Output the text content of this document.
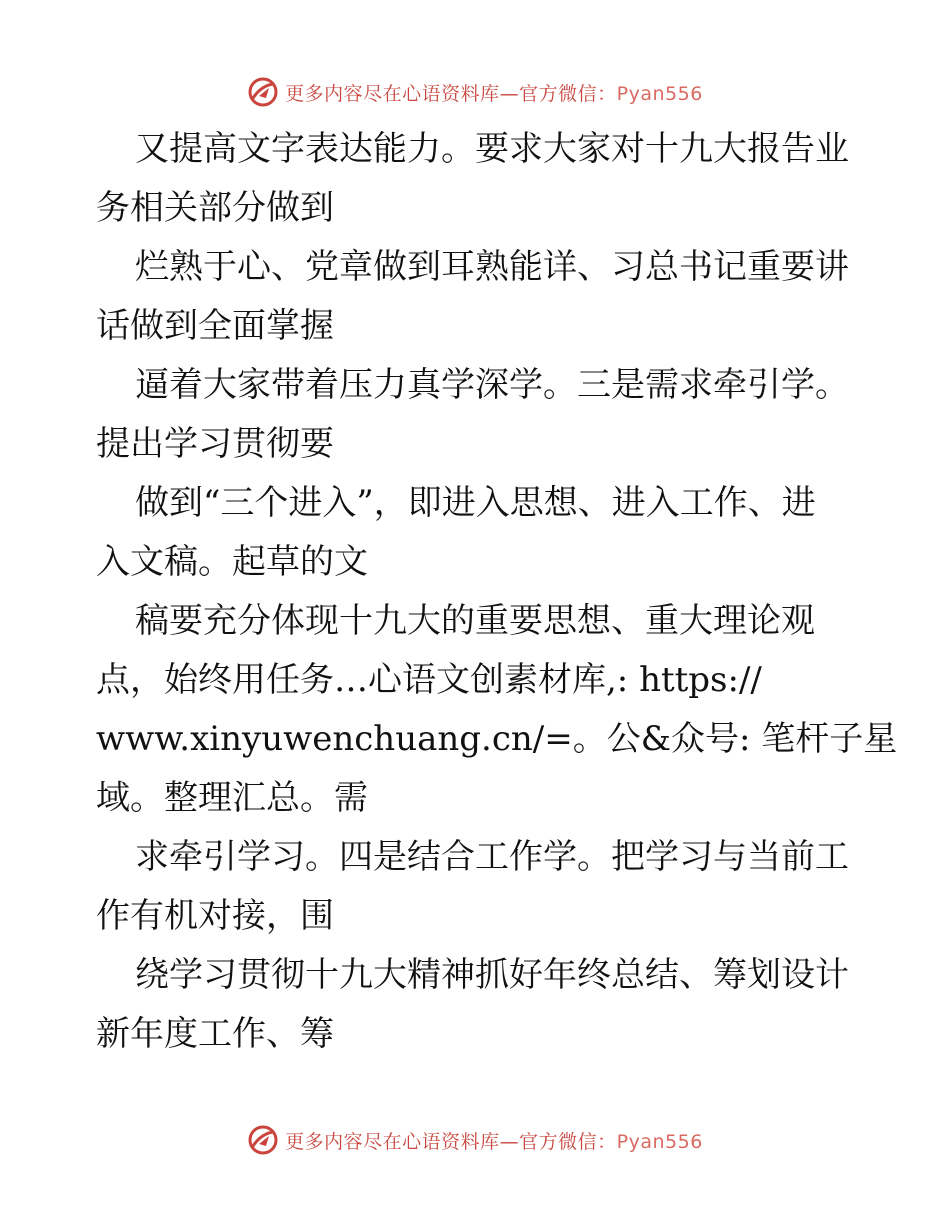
更多内容尽在心语资料库—官方微信：Pyan556
又提高文字表达能力。要求大家对十九大报告业
务相关部分做到
烂熟于心、党章做到耳熟能详、习总书记重要讲
话做到全面掌握
逼着大家带着压力真学深学。三是需求牵引学。
提出学习贯彻要
做到“三个进入”，即进入思想、进入工作、进
入文稿。起草的文
稿要充分体现十九大的重要思想、重大理论观
点，始终用任务…心语文创素材库,: https://
www.xinyuwenchuang.cn/=。公&众号: 笔杆子星
域。整理汇总。需
求牵引学习。四是结合工作学。把学习与当前工
作有机对接，围
绕学习贯彻十九大精神抓好年终总结、筹划设计
新年度工作、筹
更多内容尽在心语资料库—官方微信：Pyan556
